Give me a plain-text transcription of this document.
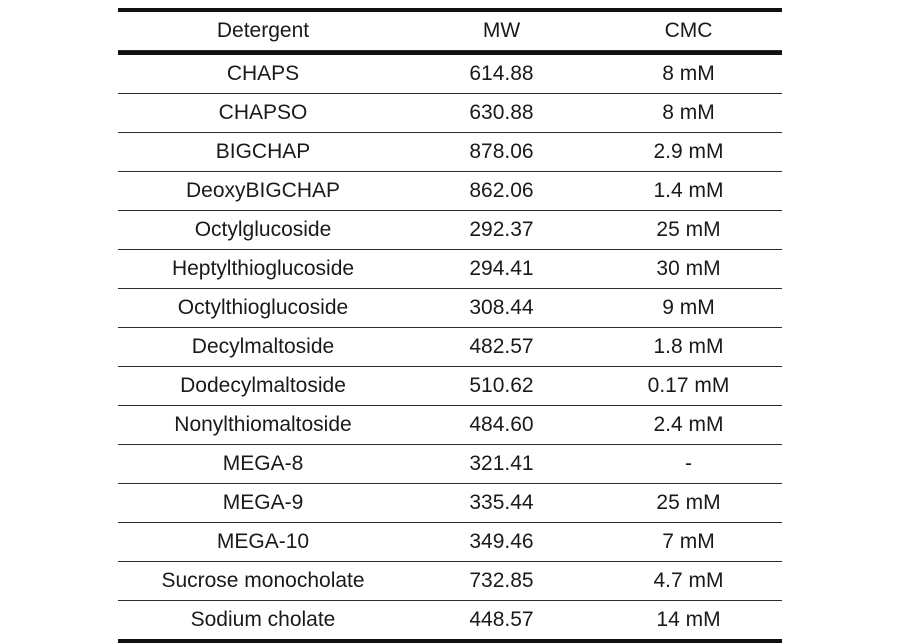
Detergent	MW	CMC
CHAPS	614.88	8 mM
CHAPSO	630.88	8 mM
BIGCHAP	878.06	2.9 mM
DeoxyBIGCHAP	862.06	1.4 mM
Octylglucoside	292.37	25 mM
Heptylthioglucoside	294.41	30 mM
Octylthioglucoside	308.44	9 mM
Decylmaltoside	482.57	1.8 mM
Dodecylmaltoside	510.62	0.17 mM
Nonylthiomaltoside	484.60	2.4 mM
MEGA-8	321.41	-
MEGA-9	335.44	25 mM
MEGA-10	349.46	7 mM
Sucrose monocholate	732.85	4.7 mM
Sodium cholate	448.57	14 mM
